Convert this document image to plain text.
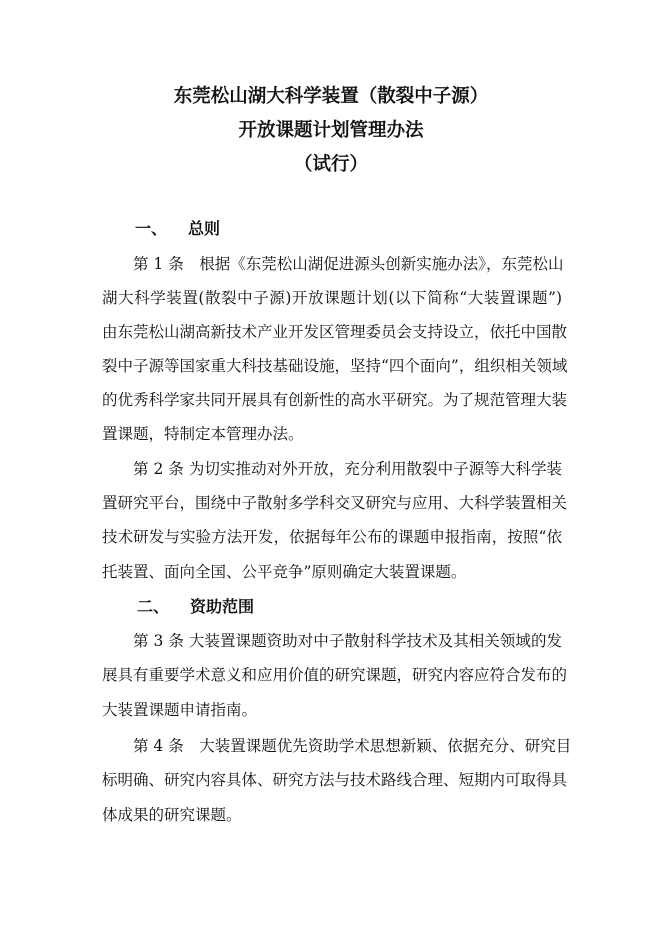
东莞松山湖大科学装置（散裂中子源）
开放课题计划管理办法
（试行）
一、 总则
第 1 条　根据《东莞松山湖促进源头创新实施办法》，东莞松山
湖大科学装置(散裂中子源)开放课题计划(以下简称“大装置课题”)
由东莞松山湖高新技术产业开发区管理委员会支持设立，依托中国散
裂中子源等国家重大科技基础设施，坚持“四个面向”，组织相关领域
的优秀科学家共同开展具有创新性的高水平研究。为了规范管理大装
置课题，特制定本管理办法。
第 2 条 为切实推动对外开放，充分利用散裂中子源等大科学装
置研究平台，围绕中子散射多学科交叉研究与应用、大科学装置相关
技术研发与实验方法开发，依据每年公布的课题申报指南，按照“依
托装置、面向全国、公平竞争”原则确定大装置课题。
二、 资助范围
第 3 条 大装置课题资助对中子散射科学技术及其相关领域的发
展具有重要学术意义和应用价值的研究课题，研究内容应符合发布的
大装置课题申请指南。
第 4 条　大装置课题优先资助学术思想新颖、依据充分、研究目
标明确、研究内容具体、研究方法与技术路线合理、短期内可取得具
体成果的研究课题。
